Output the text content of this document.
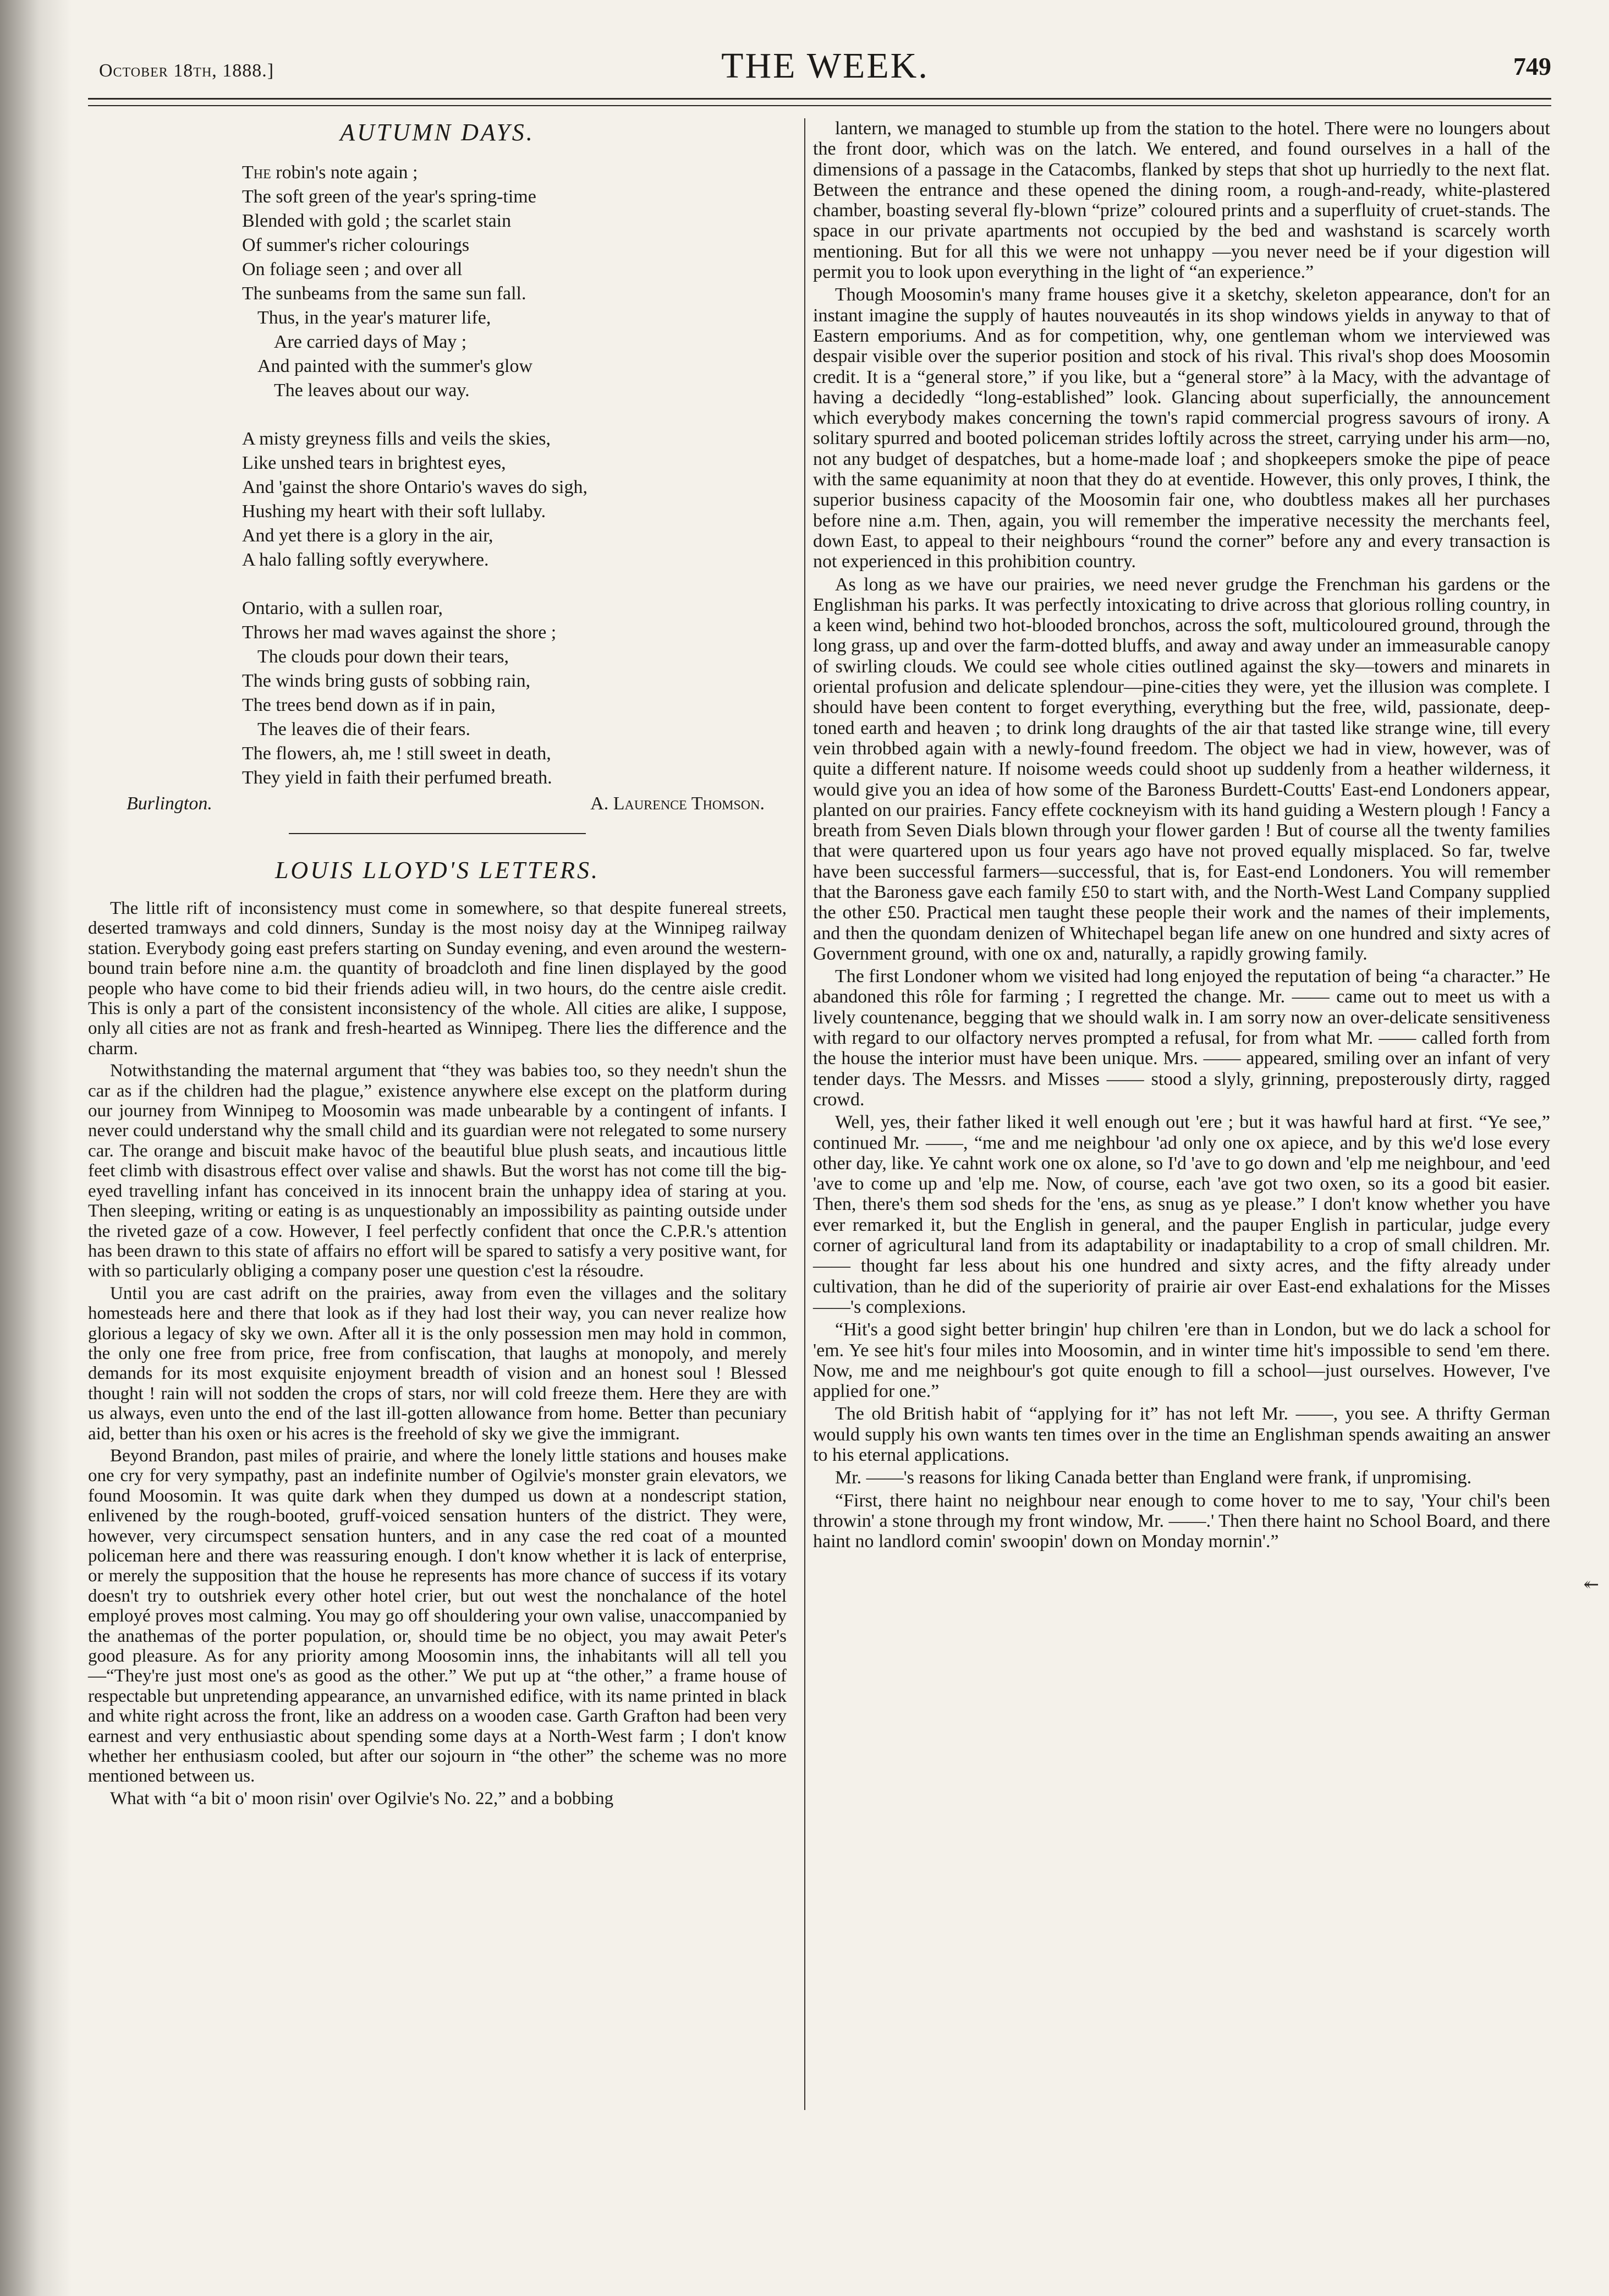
October 18th, 1888.]	THE WEEK.	749
AUTUMN DAYS.
The robin's note again ;
The soft green of the year's spring-time
Blended with gold ; the scarlet stain
Of summer's richer colourings
On foliage seen ; and over all
The sunbeams from the same sun fall.
Thus, in the year's maturer life,
Are carried days of May ;
And painted with the summer's glow
The leaves about our way.
A misty greyness fills and veils the skies,
Like unshed tears in brightest eyes,
And 'gainst the shore Ontario's waves do sigh,
Hushing my heart with their soft lullaby.
And yet there is a glory in the air,
A halo falling softly everywhere.
Ontario, with a sullen roar,
Throws her mad waves against the shore ;
The clouds pour down their tears,
The winds bring gusts of sobbing rain,
The trees bend down as if in pain,
The leaves die of their fears.
The flowers, ah, me ! still sweet in death,
They yield in faith their perfumed breath.
Burlington.	A. Laurence Thomson.
LOUIS LLOYD'S LETTERS.

The little rift of inconsistency must come in somewhere, so that despite funereal streets, deserted tramways and cold dinners, Sunday is the most noisy day at the Winnipeg railway station. Everybody going east prefers starting on Sunday evening, and even around the western-bound train before nine a.m. the quantity of broadcloth and fine linen displayed by the good people who have come to bid their friends adieu will, in two hours, do the centre aisle credit. This is only a part of the consistent inconsistency of the whole. All cities are alike, I suppose, only all cities are not as frank and fresh-hearted as Winnipeg. There lies the difference and the charm.

Notwithstanding the maternal argument that “they was babies too, so they needn't shun the car as if the children had the plague,” existence anywhere else except on the platform during our journey from Winnipeg to Moosomin was made unbearable by a contingent of infants. I never could understand why the small child and its guardian were not relegated to some nursery car. The orange and biscuit make havoc of the beautiful blue plush seats, and incautious little feet climb with disastrous effect over valise and shawls. But the worst has not come till the big-eyed travelling infant has conceived in its innocent brain the unhappy idea of staring at you. Then sleeping, writing or eating is as unquestionably an impossibility as painting outside under the riveted gaze of a cow. However, I feel perfectly confident that once the C.P.R.'s attention has been drawn to this state of affairs no effort will be spared to satisfy a very positive want, for with so particularly obliging a company poser une question c'est la résoudre.

Until you are cast adrift on the prairies, away from even the villages and the solitary homesteads here and there that look as if they had lost their way, you can never realize how glorious a legacy of sky we own. After all it is the only possession men may hold in common, the only one free from price, free from confiscation, that laughs at monopoly, and merely demands for its most exquisite enjoyment breadth of vision and an honest soul ! Blessed thought ! rain will not sodden the crops of stars, nor will cold freeze them. Here they are with us always, even unto the end of the last ill-gotten allowance from home. Better than pecuniary aid, better than his oxen or his acres is the freehold of sky we give the immigrant.

Beyond Brandon, past miles of prairie, and where the lonely little stations and houses make one cry for very sympathy, past an indefinite number of Ogilvie's monster grain elevators, we found Moosomin. It was quite dark when they dumped us down at a nondescript station, enlivened by the rough-booted, gruff-voiced sensation hunters of the district. They were, however, very circumspect sensation hunters, and in any case the red coat of a mounted policeman here and there was reassuring enough. I don't know whether it is lack of enterprise, or merely the supposition that the house he represents has more chance of success if its votary doesn't try to outshriek every other hotel crier, but out west the nonchalance of the hotel employé proves most calming. You may go off shouldering your own valise, unaccompanied by the anathemas of the porter population, or, should time be no object, you may await Peter's good pleasure. As for any priority among Moosomin inns, the inhabitants will all tell you—“They're just most one's as good as the other.” We put up at “the other,” a frame house of respectable but unpretending appearance, an unvarnished edifice, with its name printed in black and white right across the front, like an address on a wooden case. Garth Grafton had been very earnest and very enthusiastic about spending some days at a North-West farm ; I don't know whether her enthusiasm cooled, but after our sojourn in “the other” the scheme was no more mentioned between us.

What with “a bit o' moon risin' over Ogilvie's No. 22,” and a bobbing

lantern, we managed to stumble up from the station to the hotel. There were no loungers about the front door, which was on the latch. We entered, and found ourselves in a hall of the dimensions of a passage in the Catacombs, flanked by steps that shot up hurriedly to the next flat. Between the entrance and these opened the dining room, a rough-and-ready, white-plastered chamber, boasting several fly-blown “prize” coloured prints and a superfluity of cruet-stands. The space in our private apartments not occupied by the bed and washstand is scarcely worth mentioning. But for all this we were not unhappy —you never need be if your digestion will permit you to look upon everything in the light of “an experience.”

Though Moosomin's many frame houses give it a sketchy, skeleton appearance, don't for an instant imagine the supply of hautes nouveautés in its shop windows yields in anyway to that of Eastern emporiums. And as for competition, why, one gentleman whom we interviewed was despair visible over the superior position and stock of his rival. This rival's shop does Moosomin credit. It is a “general store,” if you like, but a “general store” à la Macy, with the advantage of having a decidedly “long-established” look. Glancing about superficially, the announcement which everybody makes concerning the town's rapid commercial progress savours of irony. A solitary spurred and booted policeman strides loftily across the street, carrying under his arm—no, not any budget of despatches, but a home-made loaf ; and shopkeepers smoke the pipe of peace with the same equanimity at noon that they do at eventide. However, this only proves, I think, the superior business capacity of the Moosomin fair one, who doubtless makes all her purchases before nine a.m. Then, again, you will remember the imperative necessity the merchants feel, down East, to appeal to their neighbours “round the corner” before any and every transaction is not experienced in this prohibition country.

As long as we have our prairies, we need never grudge the Frenchman his gardens or the Englishman his parks. It was perfectly intoxicating to drive across that glorious rolling country, in a keen wind, behind two hot-blooded bronchos, across the soft, multicoloured ground, through the long grass, up and over the farm-dotted bluffs, and away and away under an immeasurable canopy of swirling clouds. We could see whole cities outlined against the sky—towers and minarets in oriental profusion and delicate splendour—pine-cities they were, yet the illusion was complete. I should have been content to forget everything, everything but the free, wild, passionate, deep-toned earth and heaven ; to drink long draughts of the air that tasted like strange wine, till every vein throbbed again with a newly-found freedom. The object we had in view, however, was of quite a different nature. If noisome weeds could shoot up suddenly from a heather wilderness, it would give you an idea of how some of the Baroness Burdett-Coutts' East-end Londoners appear, planted on our prairies. Fancy effete cockneyism with its hand guiding a Western plough ! Fancy a breath from Seven Dials blown through your flower garden ! But of course all the twenty families that were quartered upon us four years ago have not proved equally misplaced. So far, twelve have been successful farmers—successful, that is, for East-end Londoners. You will remember that the Baroness gave each family £50 to start with, and the North-West Land Company supplied the other £50. Practical men taught these people their work and the names of their implements, and then the quondam denizen of Whitechapel began life anew on one hundred and sixty acres of Government ground, with one ox and, naturally, a rapidly growing family.

The first Londoner whom we visited had long enjoyed the reputation of being “a character.” He abandoned this rôle for farming ; I regretted the change. Mr. —— came out to meet us with a lively countenance, begging that we should walk in. I am sorry now an over-delicate sensitiveness with regard to our olfactory nerves prompted a refusal, for from what Mr. —— called forth from the house the interior must have been unique. Mrs. —— appeared, smiling over an infant of very tender days. The Messrs. and Misses —— stood a slyly, grinning, preposterously dirty, ragged crowd.

Well, yes, their father liked it well enough out 'ere ; but it was hawful hard at first. “Ye see,” continued Mr. ——, “me and me neighbour 'ad only one ox apiece, and by this we'd lose every other day, like. Ye cahnt work one ox alone, so I'd 'ave to go down and 'elp me neighbour, and 'eed 'ave to come up and 'elp me. Now, of course, each 'ave got two oxen, so its a good bit easier. Then, there's them sod sheds for the 'ens, as snug as ye please.” I don't know whether you have ever remarked it, but the English in general, and the pauper English in particular, judge every corner of agricultural land from its adaptability or inadaptability to a crop of small children. Mr. —— thought far less about his one hundred and sixty acres, and the fifty already under cultivation, than he did of the superiority of prairie air over East-end exhalations for the Misses ——'s complexions.

“Hit's a good sight better bringin' hup chilren 'ere than in London, but we do lack a school for 'em. Ye see hit's four miles into Moosomin, and in winter time hit's impossible to send 'em there. Now, me and me neighbour's got quite enough to fill a school—just ourselves. However, I've applied for one.”

The old British habit of “applying for it” has not left Mr. ——, you see. A thrifty German would supply his own wants ten times over in the time an Englishman spends awaiting an answer to his eternal applications.

Mr. ——'s reasons for liking Canada better than England were frank, if unpromising.

“First, there haint no neighbour near enough to come hover to me to say, 'Your chil's been throwin' a stone through my front window, Mr. ——.' Then there haint no School Board, and there haint no landlord comin' swoopin' down on Monday mornin'.”

↞
